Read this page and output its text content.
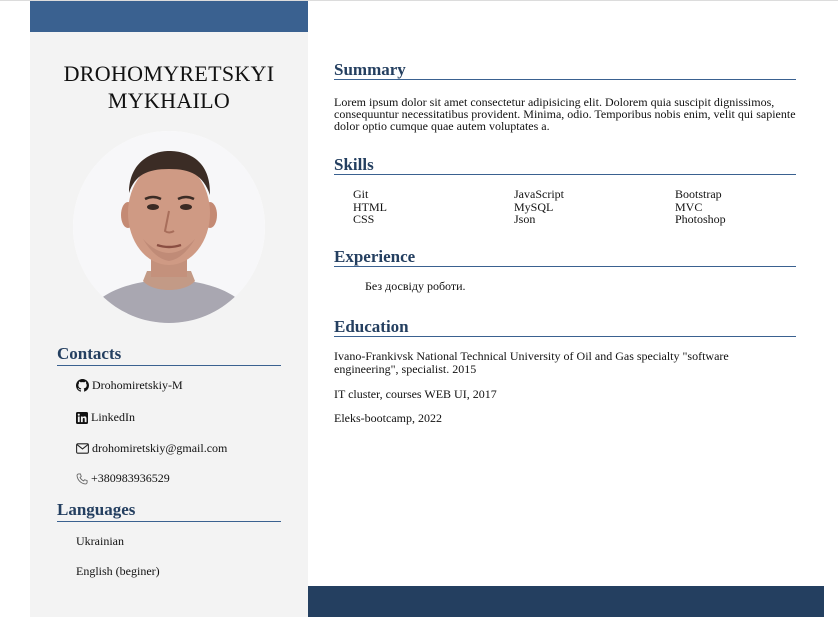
DROHOMYRETSKYI
MYKHAILO
Contacts
Drohomiretskiy-M
LinkedIn
drohomiretskiy@gmail.com
+380983936529
Languages
Ukrainian
English (beginer)
Summary
Lorem ipsum dolor sit amet consectetur adipisicing elit. Dolorem quia suscipit dignissimos, consequuntur necessitatibus provident. Minima, odio. Temporibus nobis enim, velit qui sapiente dolor optio cumque quae autem voluptates a.
Skills
Git	JavaScript	Bootstrap
HTML	MySQL	MVC
CSS	Json	Photoshop
Experience
Без досвіду роботи.
Education
Ivano-Frankivsk National Technical University of Oil and Gas specialty "software engineering", specialist. 2015
IT cluster, courses WEB UI, 2017
Eleks-bootcamp, 2022
